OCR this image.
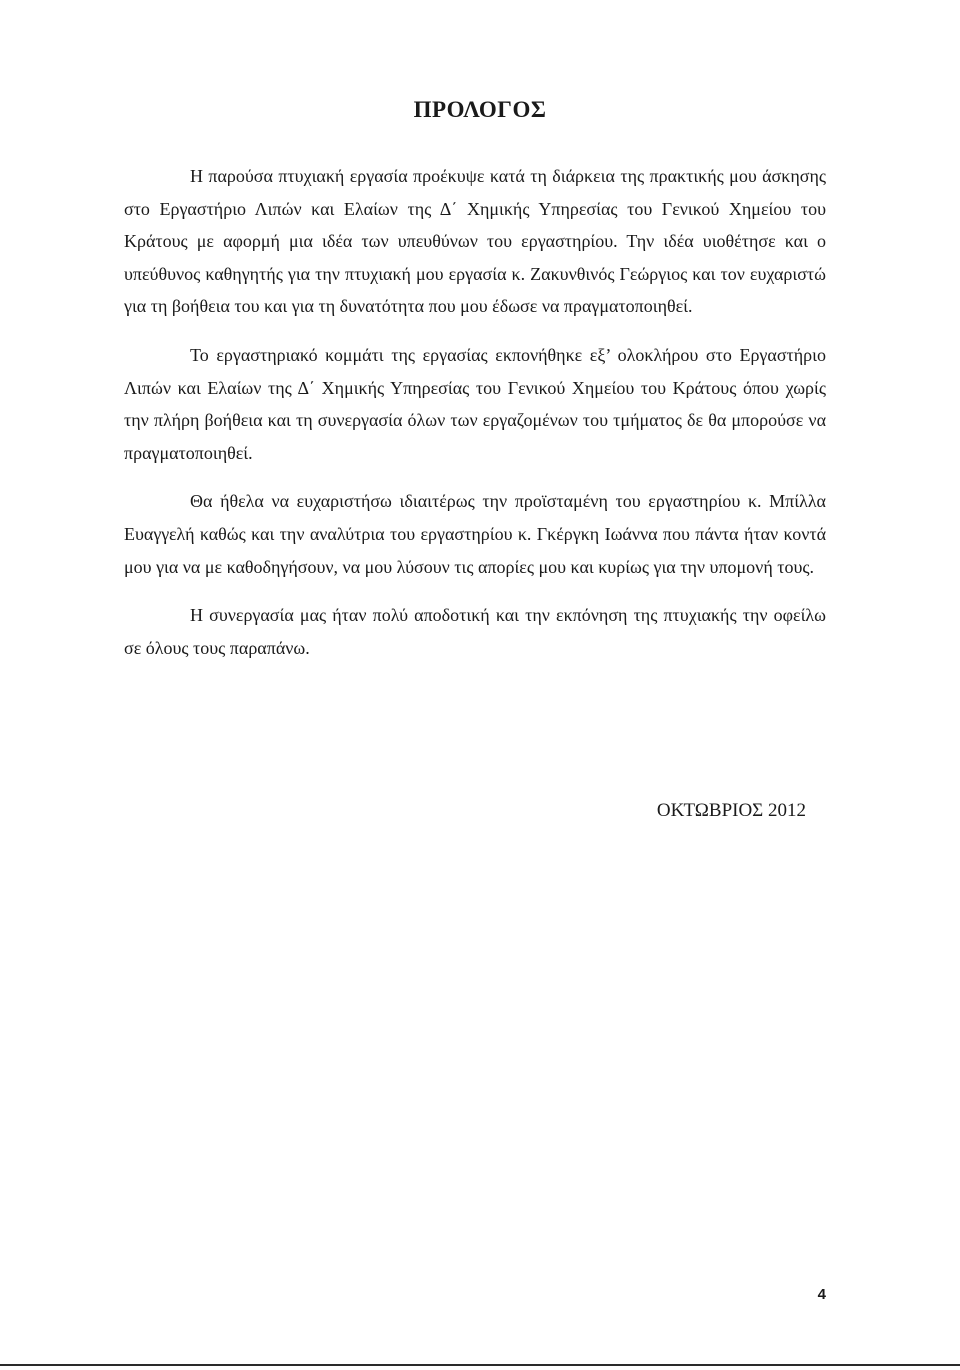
ΠΡΟΛΟΓΟΣ

Η παρούσα πτυχιακή εργασία προέκυψε κατά τη διάρκεια της πρακτικής μου άσκησης στο Εργαστήριο Λιπών και Ελαίων της Δ΄ Χημικής Υπηρεσίας του Γενικού Χημείου του Κράτους με αφορμή μια ιδέα των υπευθύνων του εργαστηρίου. Την ιδέα υιοθέτησε και ο υπεύθυνος καθηγητής για την πτυχιακή μου εργασία κ. Ζακυνθινός Γεώργιος και τον ευχαριστώ για τη βοήθεια του και για τη δυνατότητα που μου έδωσε να πραγματοποιηθεί.

Το εργαστηριακό κομμάτι της εργασίας εκπονήθηκε εξ’ ολοκλήρου στο Εργαστήριο Λιπών και Ελαίων της Δ΄ Χημικής Υπηρεσίας του Γενικού Χημείου του Κράτους όπου χωρίς την πλήρη βοήθεια και τη συνεργασία όλων των εργαζομένων του τμήματος δε θα μπορούσε να πραγματοποιηθεί.

Θα ήθελα να ευχαριστήσω ιδιαιτέρως την προϊσταμένη του εργαστηρίου κ. Μπίλλα Ευαγγελή καθώς και την αναλύτρια του εργαστηρίου κ. Γκέργκη Ιωάννα που πάντα ήταν κοντά μου για να με καθοδηγήσουν, να μου λύσουν τις απορίες μου και κυρίως για την υπομονή τους.

Η συνεργασία μας ήταν πολύ αποδοτική και την εκπόνηση της πτυχιακής την οφείλω σε όλους τους παραπάνω.

ΟΚΤΩΒΡΙΟΣ 2012
4
